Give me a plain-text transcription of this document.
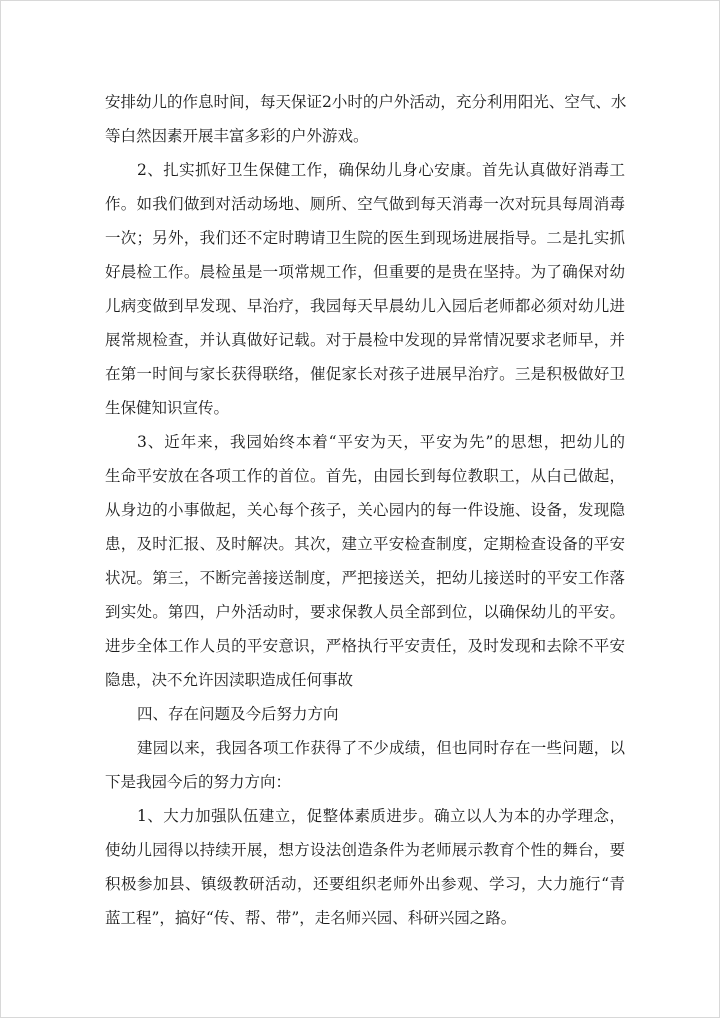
安排幼儿的作息时间，每天保证2小时的户外活动，充分利用阳光、空气、水
等白然因素开展丰富多彩的户外游戏。
2、扎实抓好卫生保健工作，确保幼儿身心安康。首先认真做好消毒工
作。如我们做到对活动场地、厕所、空气做到每天消毒一次对玩具每周消毒
一次；另外，我们还不定时聘请卫生院的医生到现场进展指导。二是扎实抓
好晨检工作。晨检虽是一项常规工作，但重要的是贵在坚持。为了确保对幼
儿病变做到早发现、早治疗，我园每天早晨幼儿入园后老师都必须对幼儿进
展常规检查，并认真做好记载。对于晨检中发现的异常情况要求老师早，并
在第一时间与家长获得联络，催促家长对孩子进展早治疗。三是积极做好卫
生保健知识宣传。
3、近年来，我园始终本着“平安为天，平安为先”的思想，把幼儿的
生命平安放在各项工作的首位。首先，由园长到每位教职工，从白己做起，
从身边的小事做起，关心每个孩子，关心园内的每一件设施、设备，发现隐
患，及时汇报、及时解决。其次，建立平安检查制度，定期检查设备的平安
状况。第三，不断完善接送制度，严把接送关，把幼儿接送时的平安工作落
到实处。第四，户外活动时，要求保教人员全部到位，以确保幼儿的平安。
进步全体工作人员的平安意识，严格执行平安责任，及时发现和去除不平安
隐患，决不允许因渎职造成任何事故
四、存在问题及今后努力方向
建园以来，我园各项工作获得了不少成绩，但也同时存在一些问题，以
下是我园今后的努力方向：
1、大力加强队伍建立，促整体素质进步。确立以人为本的办学理念，
使幼儿园得以持续开展，想方设法创造条件为老师展示教育个性的舞台，要
积极参加县、镇级教研活动，还要组织老师外出参观、学习，大力施行“青
蓝工程”，搞好“传、帮、带”，走名师兴园、科研兴园之路。
